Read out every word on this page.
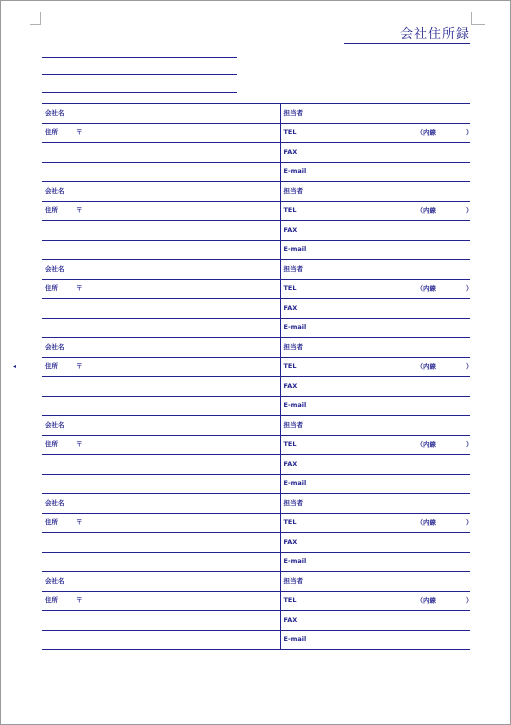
会社住所録
◂
会社名	担当者
住所 〒	TEL （内線 ）

	FAX
	E-mail
会社名	担当者
住所 〒	TEL （内線 ）

	FAX
	E-mail
会社名	担当者
住所 〒	TEL （内線 ）

	FAX
	E-mail
会社名	担当者
住所 〒	TEL （内線 ）

	FAX
	E-mail
会社名	担当者
住所 〒	TEL （内線 ）

	FAX
	E-mail
会社名	担当者
住所 〒	TEL （内線 ）

	FAX
	E-mail
会社名	担当者
住所 〒	TEL （内線 ）

	FAX
	E-mail
